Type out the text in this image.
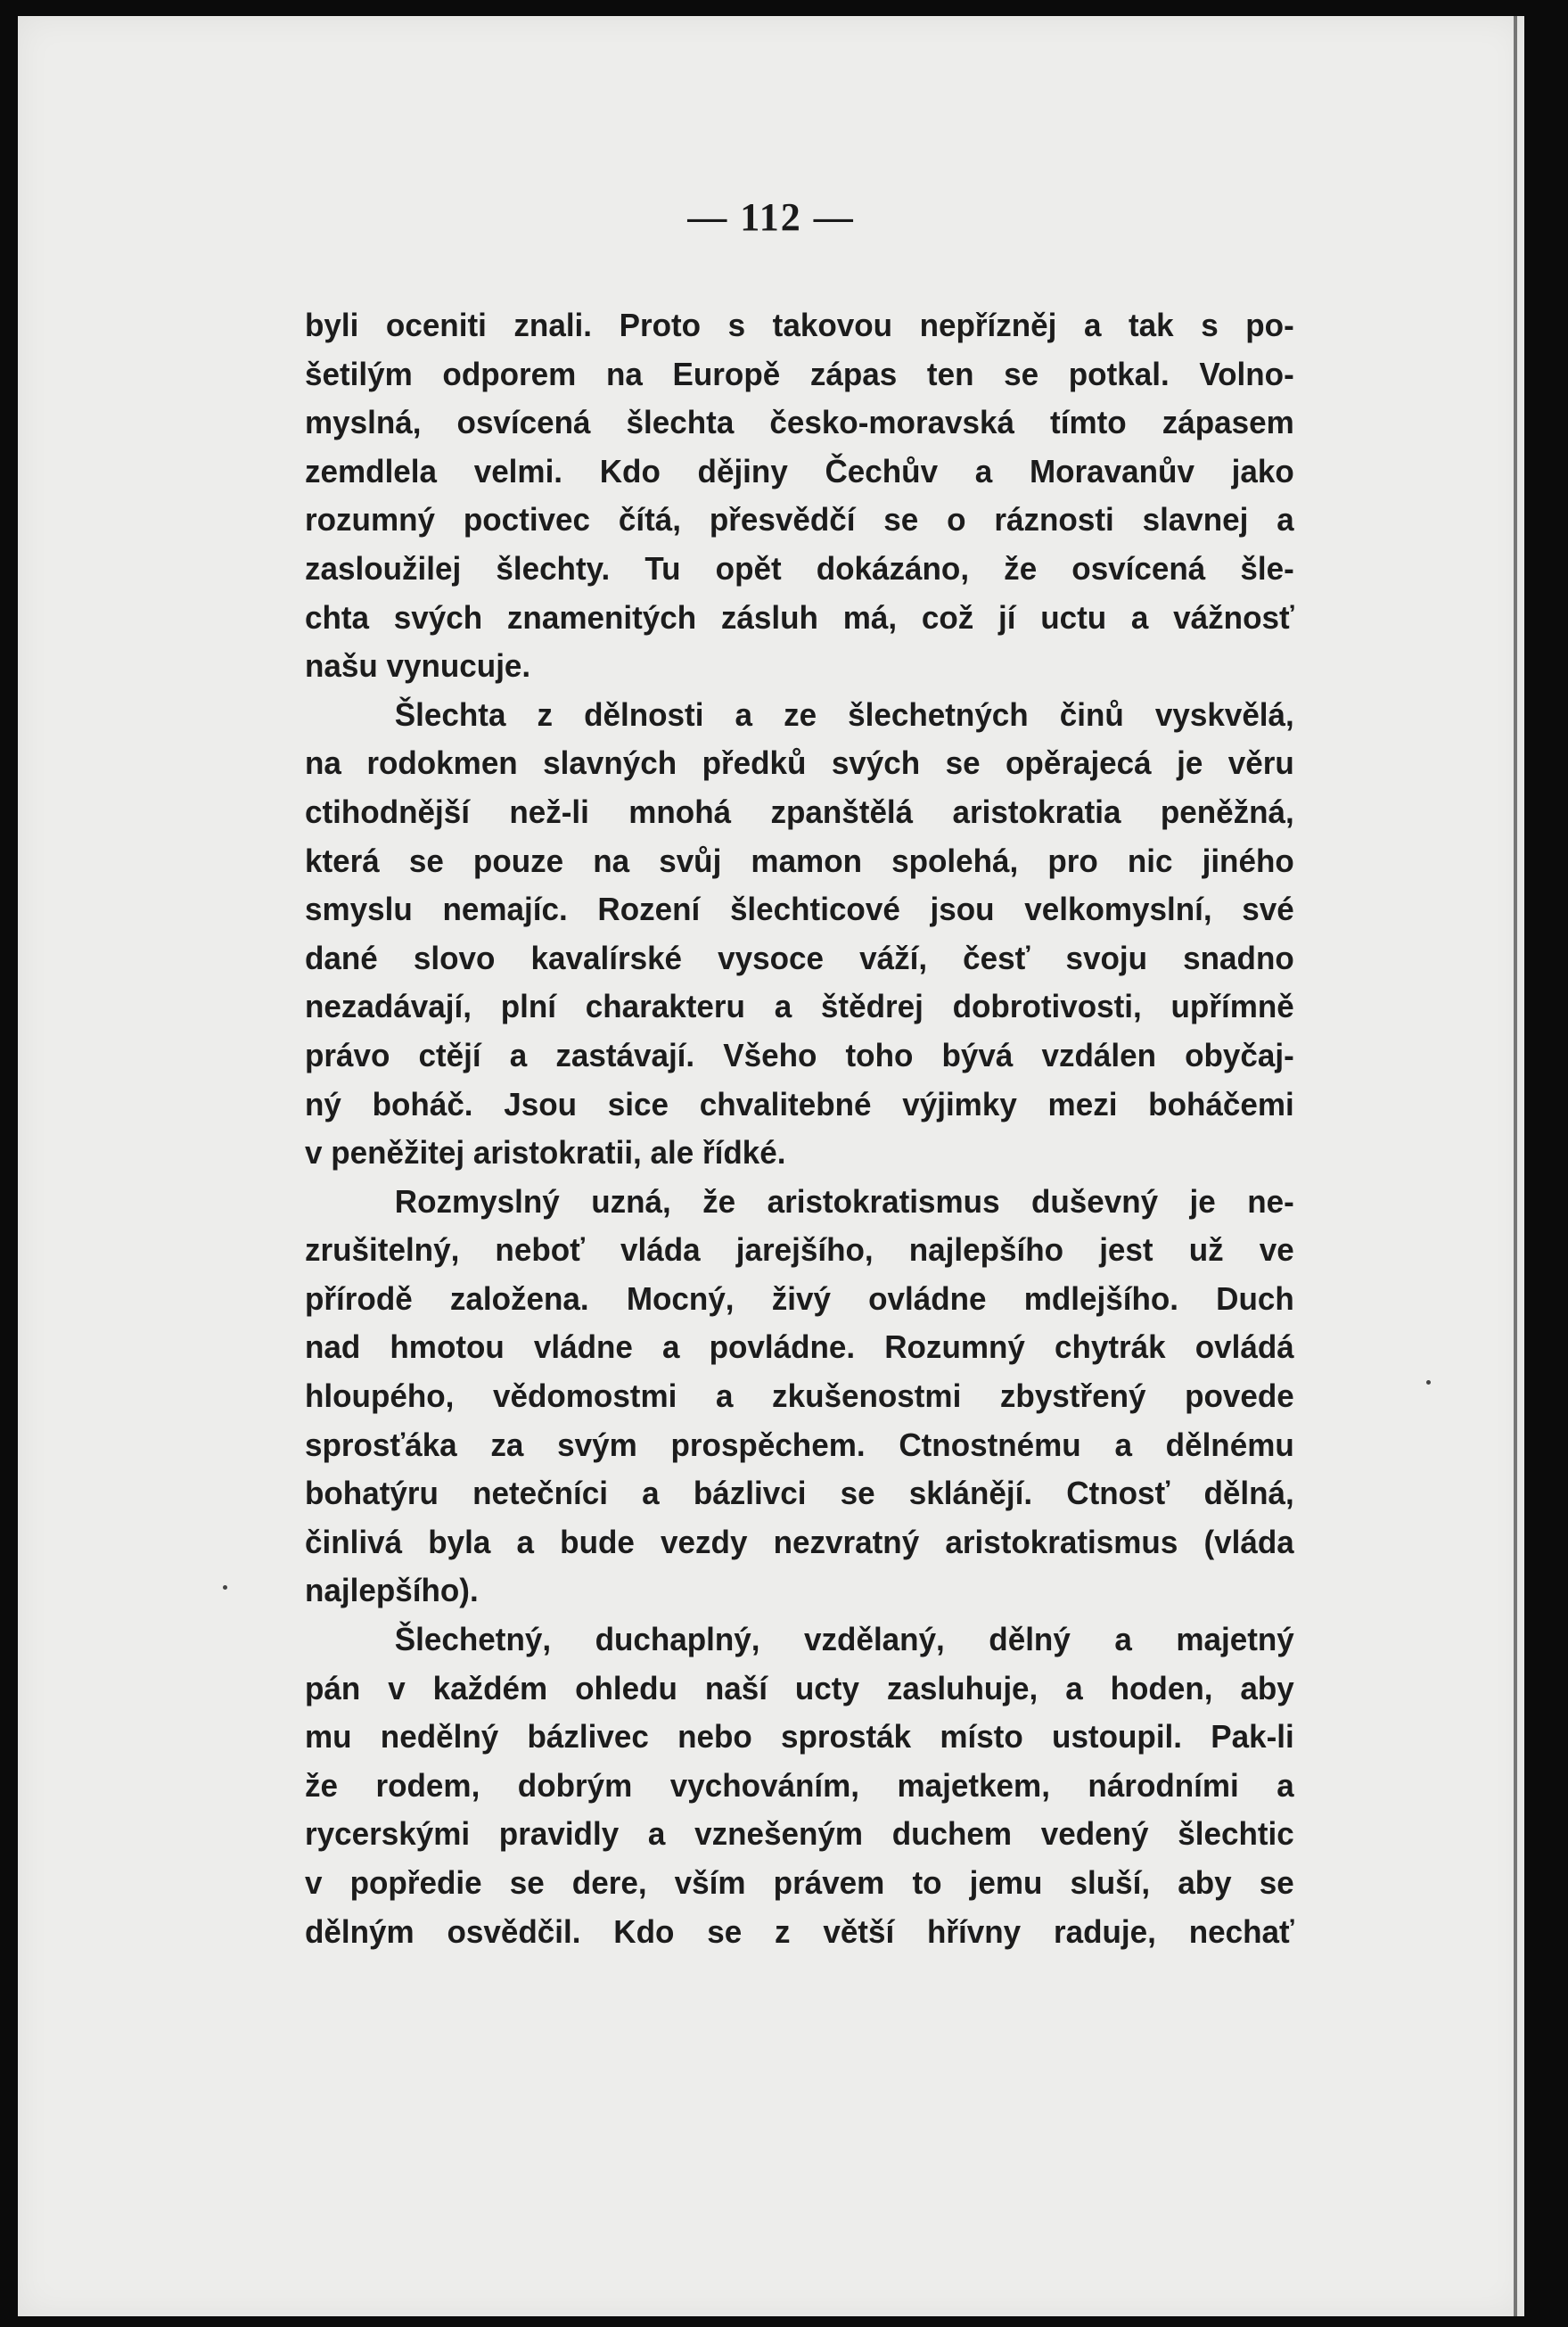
— 112 —
byli oceniti znali. Proto s takovou nepřízněj a tak s po-
šetilým odporem na Europě zápas ten se potkal. Volno-
myslná, osvícená šlechta česko-moravská tímto zápasem
zemdlela velmi. Kdo dějiny Čechův a Moravanův jako
rozumný poctivec čítá, přesvědčí se o ráznosti slavnej a
zasloužilej šlechty. Tu opět dokázáno, že osvícená šle-
chta svých znamenitých zásluh má, což jí uctu a vážnosť
našu vynucuje.
Šlechta z dělnosti a ze šlechetných činů vyskvělá,
na rodokmen slavných předků svých se opěrajecá je věru
ctihodnější než-li mnohá zpanštělá aristokratia peněžná,
která se pouze na svůj mamon spolehá, pro nic jiného
smyslu nemajíc. Rození šlechticové jsou velkomyslní, své
dané slovo kavalírské vysoce váží, česť svoju snadno
nezadávají, plní charakteru a štědrej dobrotivosti, upřímně
právo ctějí a zastávají. Všeho toho bývá vzdálen obyčaj-
ný boháč. Jsou sice chvalitebné výjimky mezi boháčemi
v peněžitej aristokratii, ale řídké.
Rozmyslný uzná, že aristokratismus duševný je ne-
zrušitelný, neboť vláda jarejšího, najlepšího jest už ve
přírodě založena. Mocný, živý ovládne mdlejšího. Duch
nad hmotou vládne a povládne. Rozumný chytrák ovládá
hloupého, vědomostmi a zkušenostmi zbystřený povede
sprosťáka za svým prospěchem. Ctnostnému a dělnému
bohatýru netečníci a bázlivci se sklánějí. Ctnosť dělná,
činlivá byla a bude vezdy nezvratný aristokratismus (vláda
najlepšího).
Šlechetný, duchaplný, vzdělaný, dělný a majetný
pán v každém ohledu naší ucty zasluhuje, a hoden, aby
mu nedělný bázlivec nebo sprosták místo ustoupil. Pak-li
že rodem, dobrým vychováním, majetkem, národními a
rycerskými pravidly a vznešeným duchem vedený šlechtic
v popředie se dere, vším právem to jemu sluší, aby se
dělným osvědčil. Kdo se z větší hřívny raduje, nechať
